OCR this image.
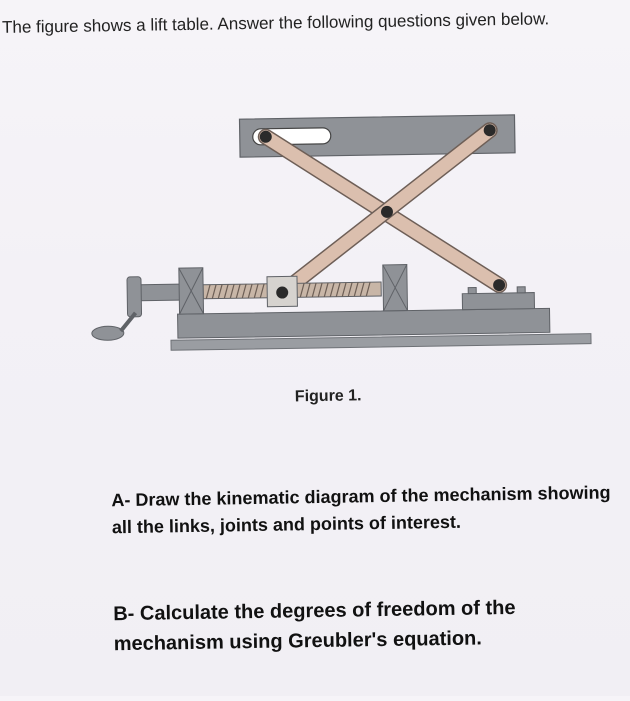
The figure shows a lift table. Answer the following questions given below.

Figure 1.

A- Draw the kinematic diagram of the mechanism showing all the links, joints and points of interest.

B- Calculate the degrees of freedom of the mechanism using Greubler's equation.
